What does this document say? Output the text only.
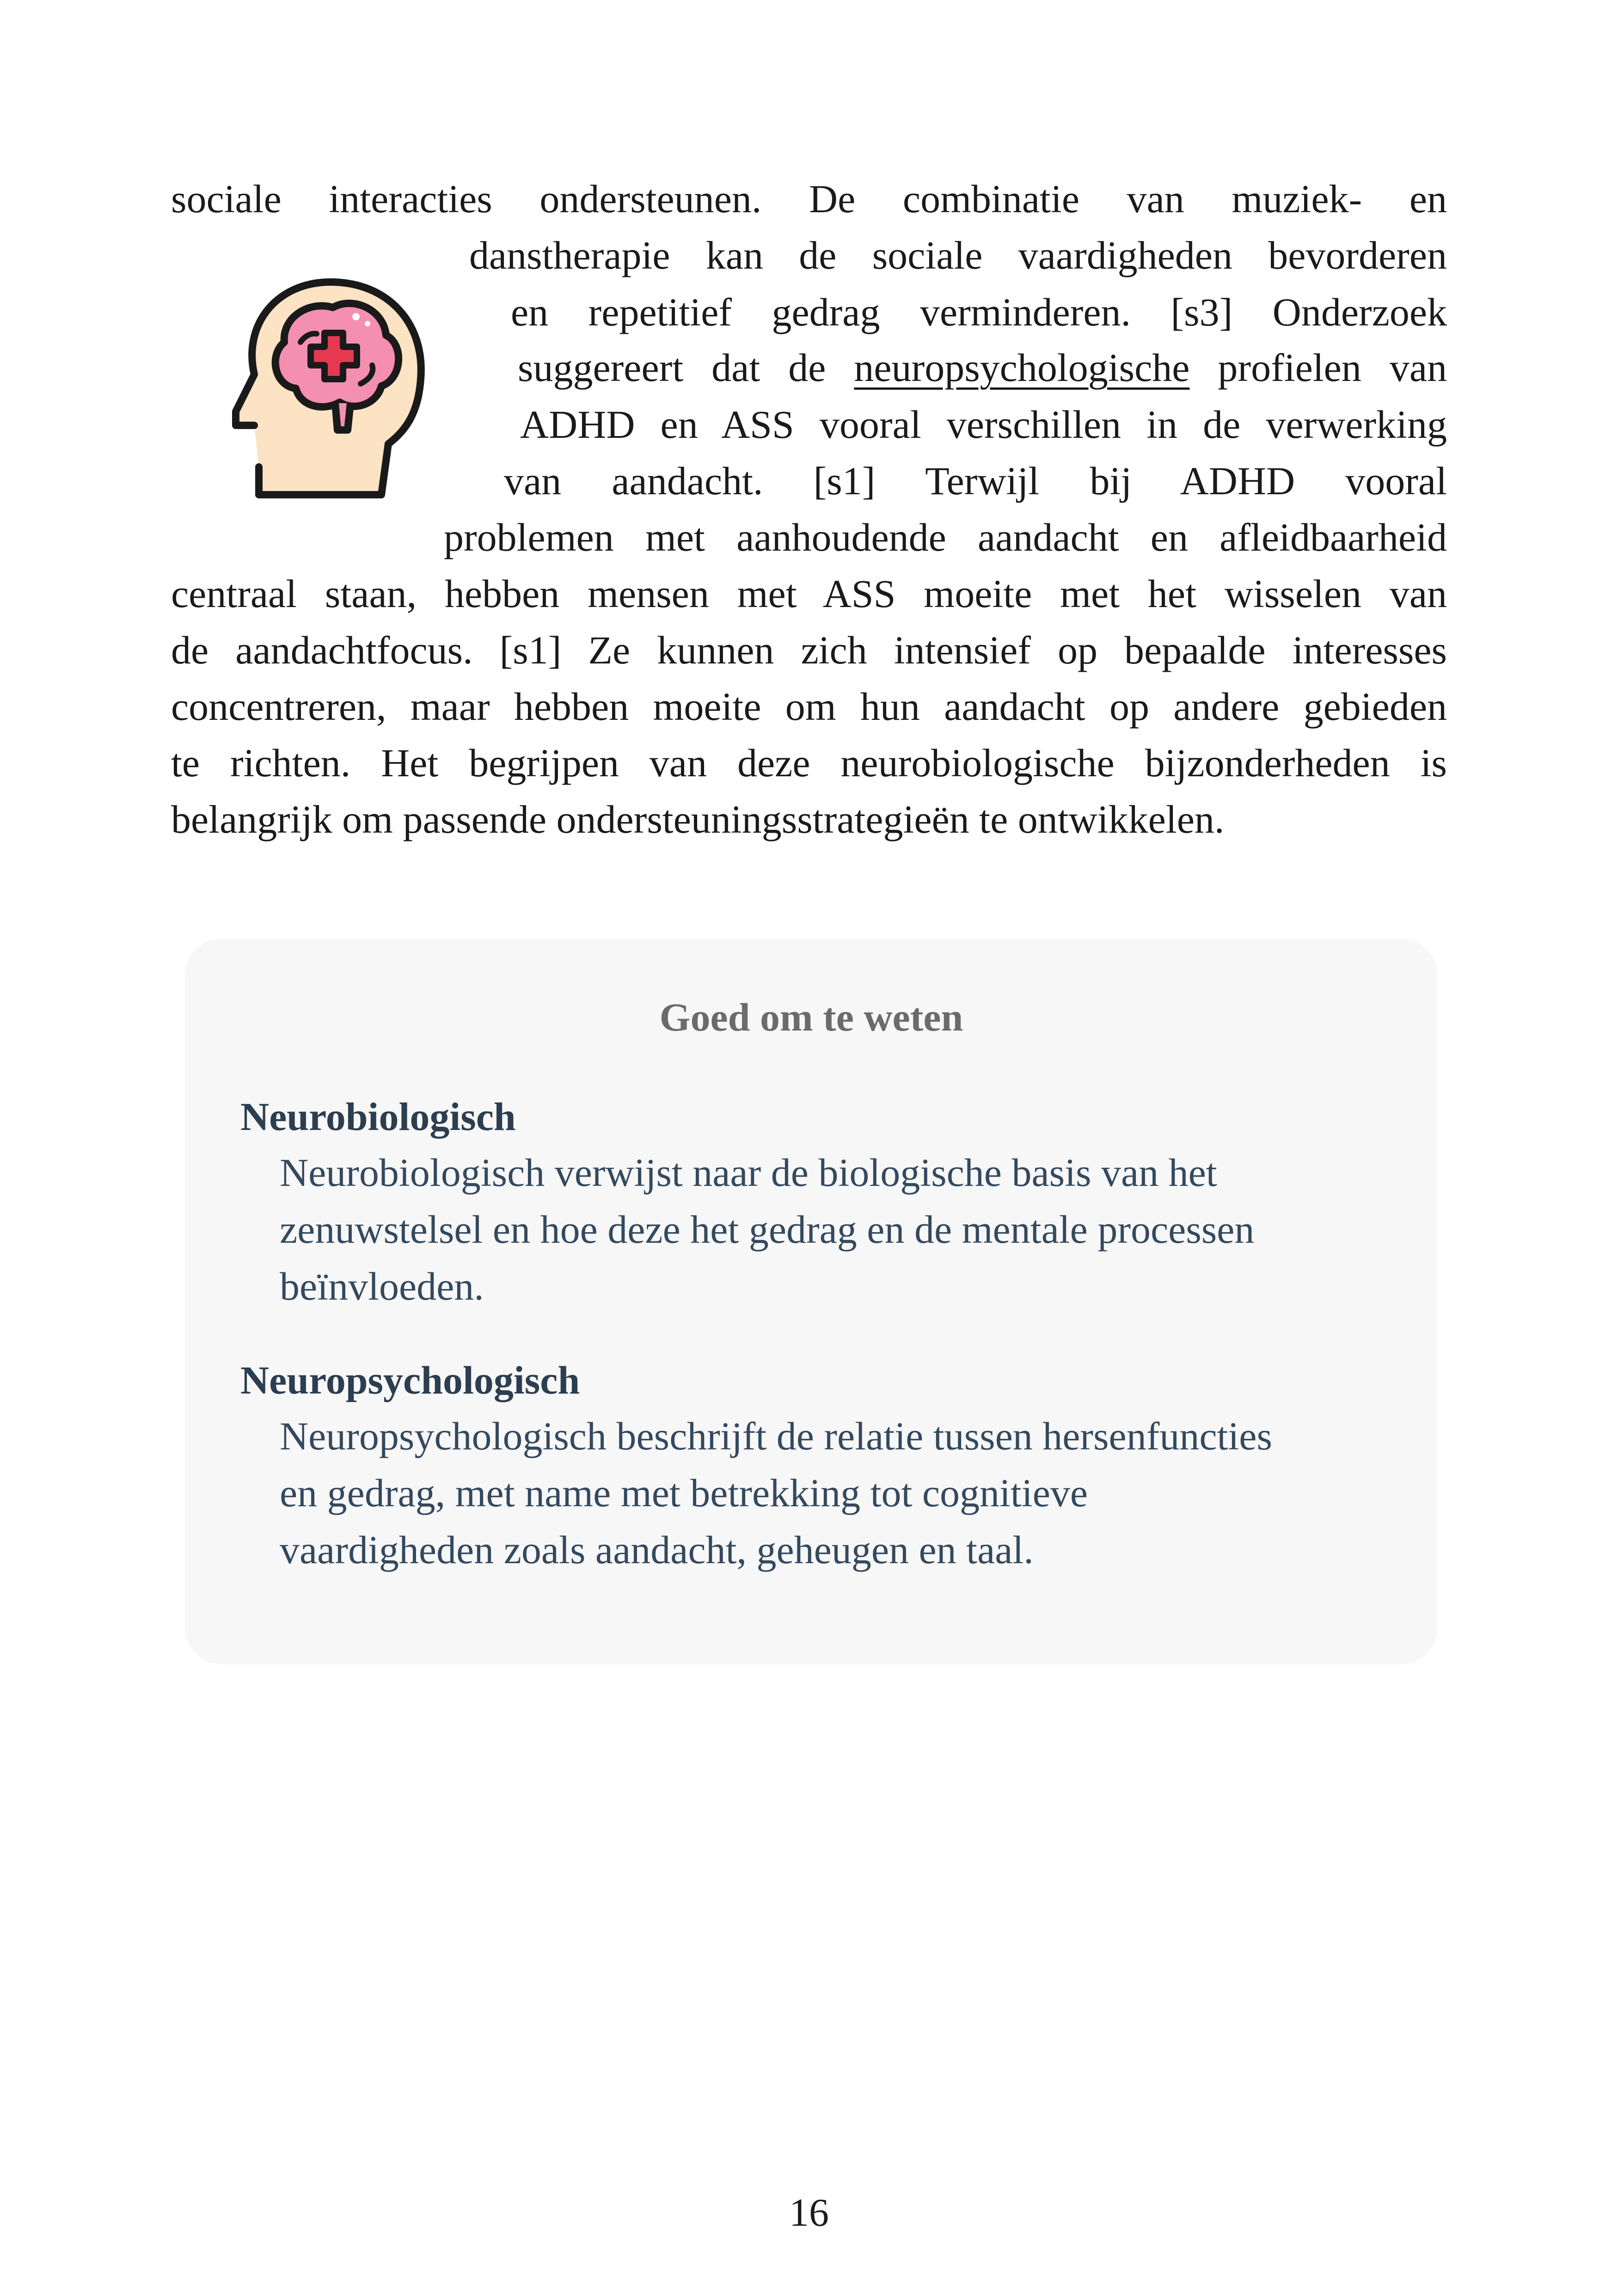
sociale interacties ondersteunen. De combinatie van muziek- en
danstherapie kan de sociale vaardigheden bevorderen
en repetitief gedrag verminderen. [s3] Onderzoek
suggereert dat de neuropsychologische profielen van
ADHD en ASS vooral verschillen in de verwerking
van aandacht. [s1] Terwijl bij ADHD vooral
problemen met aanhoudende aandacht en afleidbaarheid
centraal staan, hebben mensen met ASS moeite met het wisselen van
de aandachtfocus. [s1] Ze kunnen zich intensief op bepaalde interesses
concentreren, maar hebben moeite om hun aandacht op andere gebieden
te richten. Het begrijpen van deze neurobiologische bijzonderheden is
belangrijk om passende ondersteuningsstrategieën te ontwikkelen.
Goed om te weten
Neurobiologisch
Neurobiologisch verwijst naar de biologische basis van het
zenuwstelsel en hoe deze het gedrag en de mentale processen
beïnvloeden.
Neuropsychologisch
Neuropsychologisch beschrijft de relatie tussen hersenfuncties
en gedrag, met name met betrekking tot cognitieve
vaardigheden zoals aandacht, geheugen en taal.
16
